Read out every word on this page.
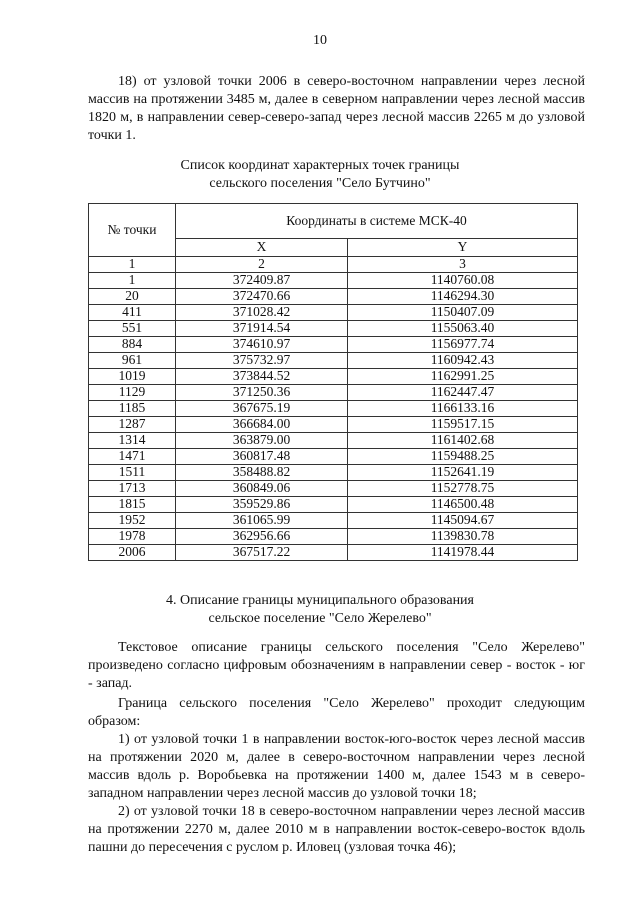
10

18) от узловой точки 2006 в северо-восточном направлении через лесной массив на протяжении 3485 м, далее в северном направлении через лесной массив 1820 м, в направлении север-северо-запад через лесной массив 2265 м до узловой точки 1.

Список координат характерных точек границы
сельского поселения "Село Бутчино"
№ точки	Координаты в системе МСК-40	
	X	Y
1	2	3
1	372409.87	1140760.08
20	372470.66	1146294.30
411	371028.42	1150407.09
551	371914.54	1155063.40
884	374610.97	1156977.74
961	375732.97	1160942.43
1019	373844.52	1162991.25
1129	371250.36	1162447.47
1185	367675.19	1166133.16
1287	366684.00	1159517.15
1314	363879.00	1161402.68
1471	360817.48	1159488.25
1511	358488.82	1152641.19
1713	360849.06	1152778.75
1815	359529.86	1146500.48
1952	361065.99	1145094.67
1978	362956.66	1139830.78
2006	367517.22	1141978.44
4. Описание границы муниципального образования
сельское поселение "Село Жерелево"

Текстовое описание границы сельского поселения "Село Жерелево" произведено согласно цифровым обозначениям в направлении север - восток - юг - запад.

Граница сельского поселения "Село Жерелево" проходит следующим образом:

1) от узловой точки 1 в направлении восток-юго-восток через лесной массив на протяжении 2020 м, далее в северо-восточном направлении через лесной массив вдоль р. Воробьевка на протяжении 1400 м, далее 1543 м в северо-западном направлении через лесной массив до узловой точки 18;

2) от узловой точки 18 в северо-восточном направлении через лесной массив на протяжении 2270 м, далее 2010 м в направлении восток-северо-восток вдоль пашни до пересечения с руслом р. Иловец (узловая точка 46);
